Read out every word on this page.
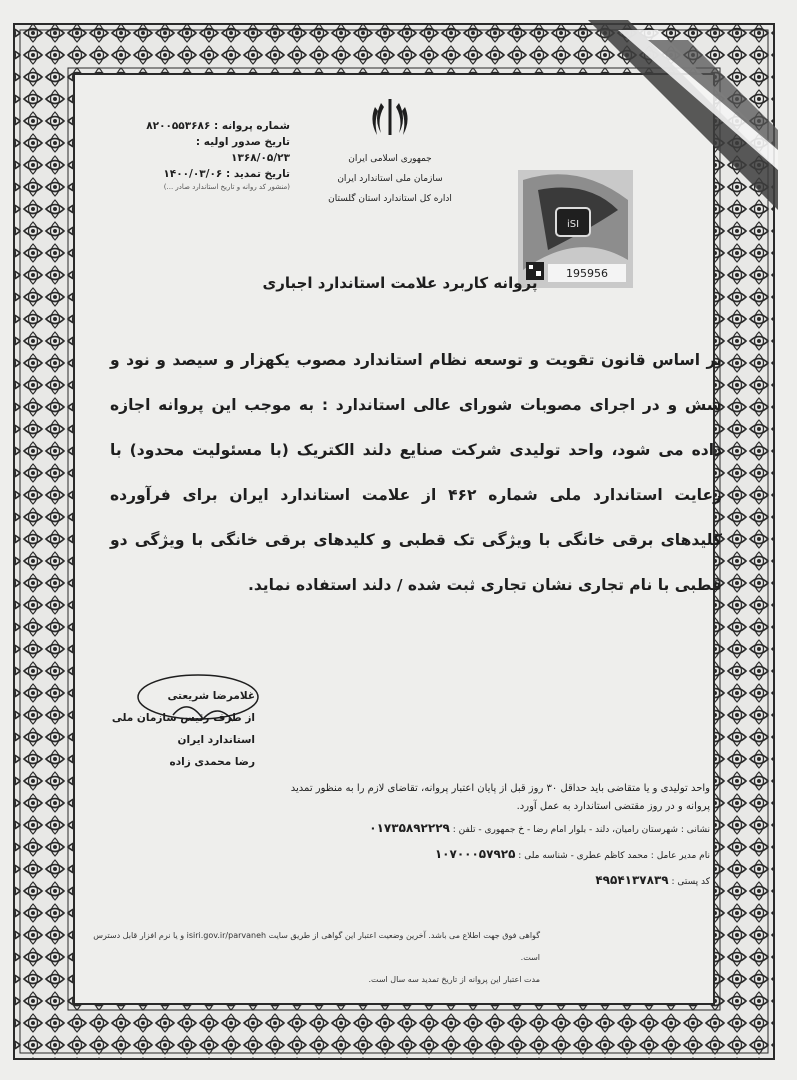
شماره پروانه : ۸۲۰۰۵۵۳۶۸۶
تاریخ صدور اولیه : ۱۳۶۸/۰۵/۲۳
تاریخ تمدید : ۱۴۰۰/۰۳/۰۶
(منشور کد روانه و تاریخ استاندارد صادر ...)
جمهوری اسلامی ایران
سازمان ملی استاندارد ایران
اداره کل استاندارد استان گلستان
iSI
195956
پروانه کاربرد علامت استاندارد اجباری
بر اساس قانون تقویت و توسعه نظام استاندارد مصوب یکهزار و سیصد و نود و شش و در اجرای مصوبات شورای عالی استاندارد : به موجب این پروانه اجازه داده می شود، واحد تولیدی شرکت صنایع دلند الکتریک (با مسئولیت محدود) با رعایت استاندارد ملی شماره ۴۶۲ از علامت استاندارد ایران برای فرآورده کلیدهای برقی خانگی با ویژگی تک قطبی و کلیدهای برقی خانگی با ویژگی دو قطبی با نام تجاری نشان تجاری ثبت شده / دلند استفاده نماید.
غلامرضا شریعتی
از طرف رئیس سازمان ملی استاندارد ایران
رضا محمدی زاده
واحد تولیدی و یا متقاضی باید حداقل ۳۰ روز قبل از پایان اعتبار پروانه، تقاضای لازم را به منظور تمدید پروانه و در روز مقتضی استاندارد به عمل آورد.
نشانی : شهرستان رامیان، دلند - بلوار امام رضا - خ جمهوری - تلفن : ۰۱۷۳۵۸۹۲۲۲۹
نام مدیر عامل : محمد کاظم عطری - شناسه ملی : ۱۰۷۰۰۰۵۷۹۲۵
کد پستی : ۴۹۵۴۱۳۷۸۳۹
گواهی فوق جهت اطلاع می باشد. آخرین وضعیت اعتبار این گواهی از طریق سایت isiri.gov.ir/parvaneh و یا نرم افزار قابل دسترس است.
مدت اعتبار این پروانه از تاریخ تمدید سه سال است.
